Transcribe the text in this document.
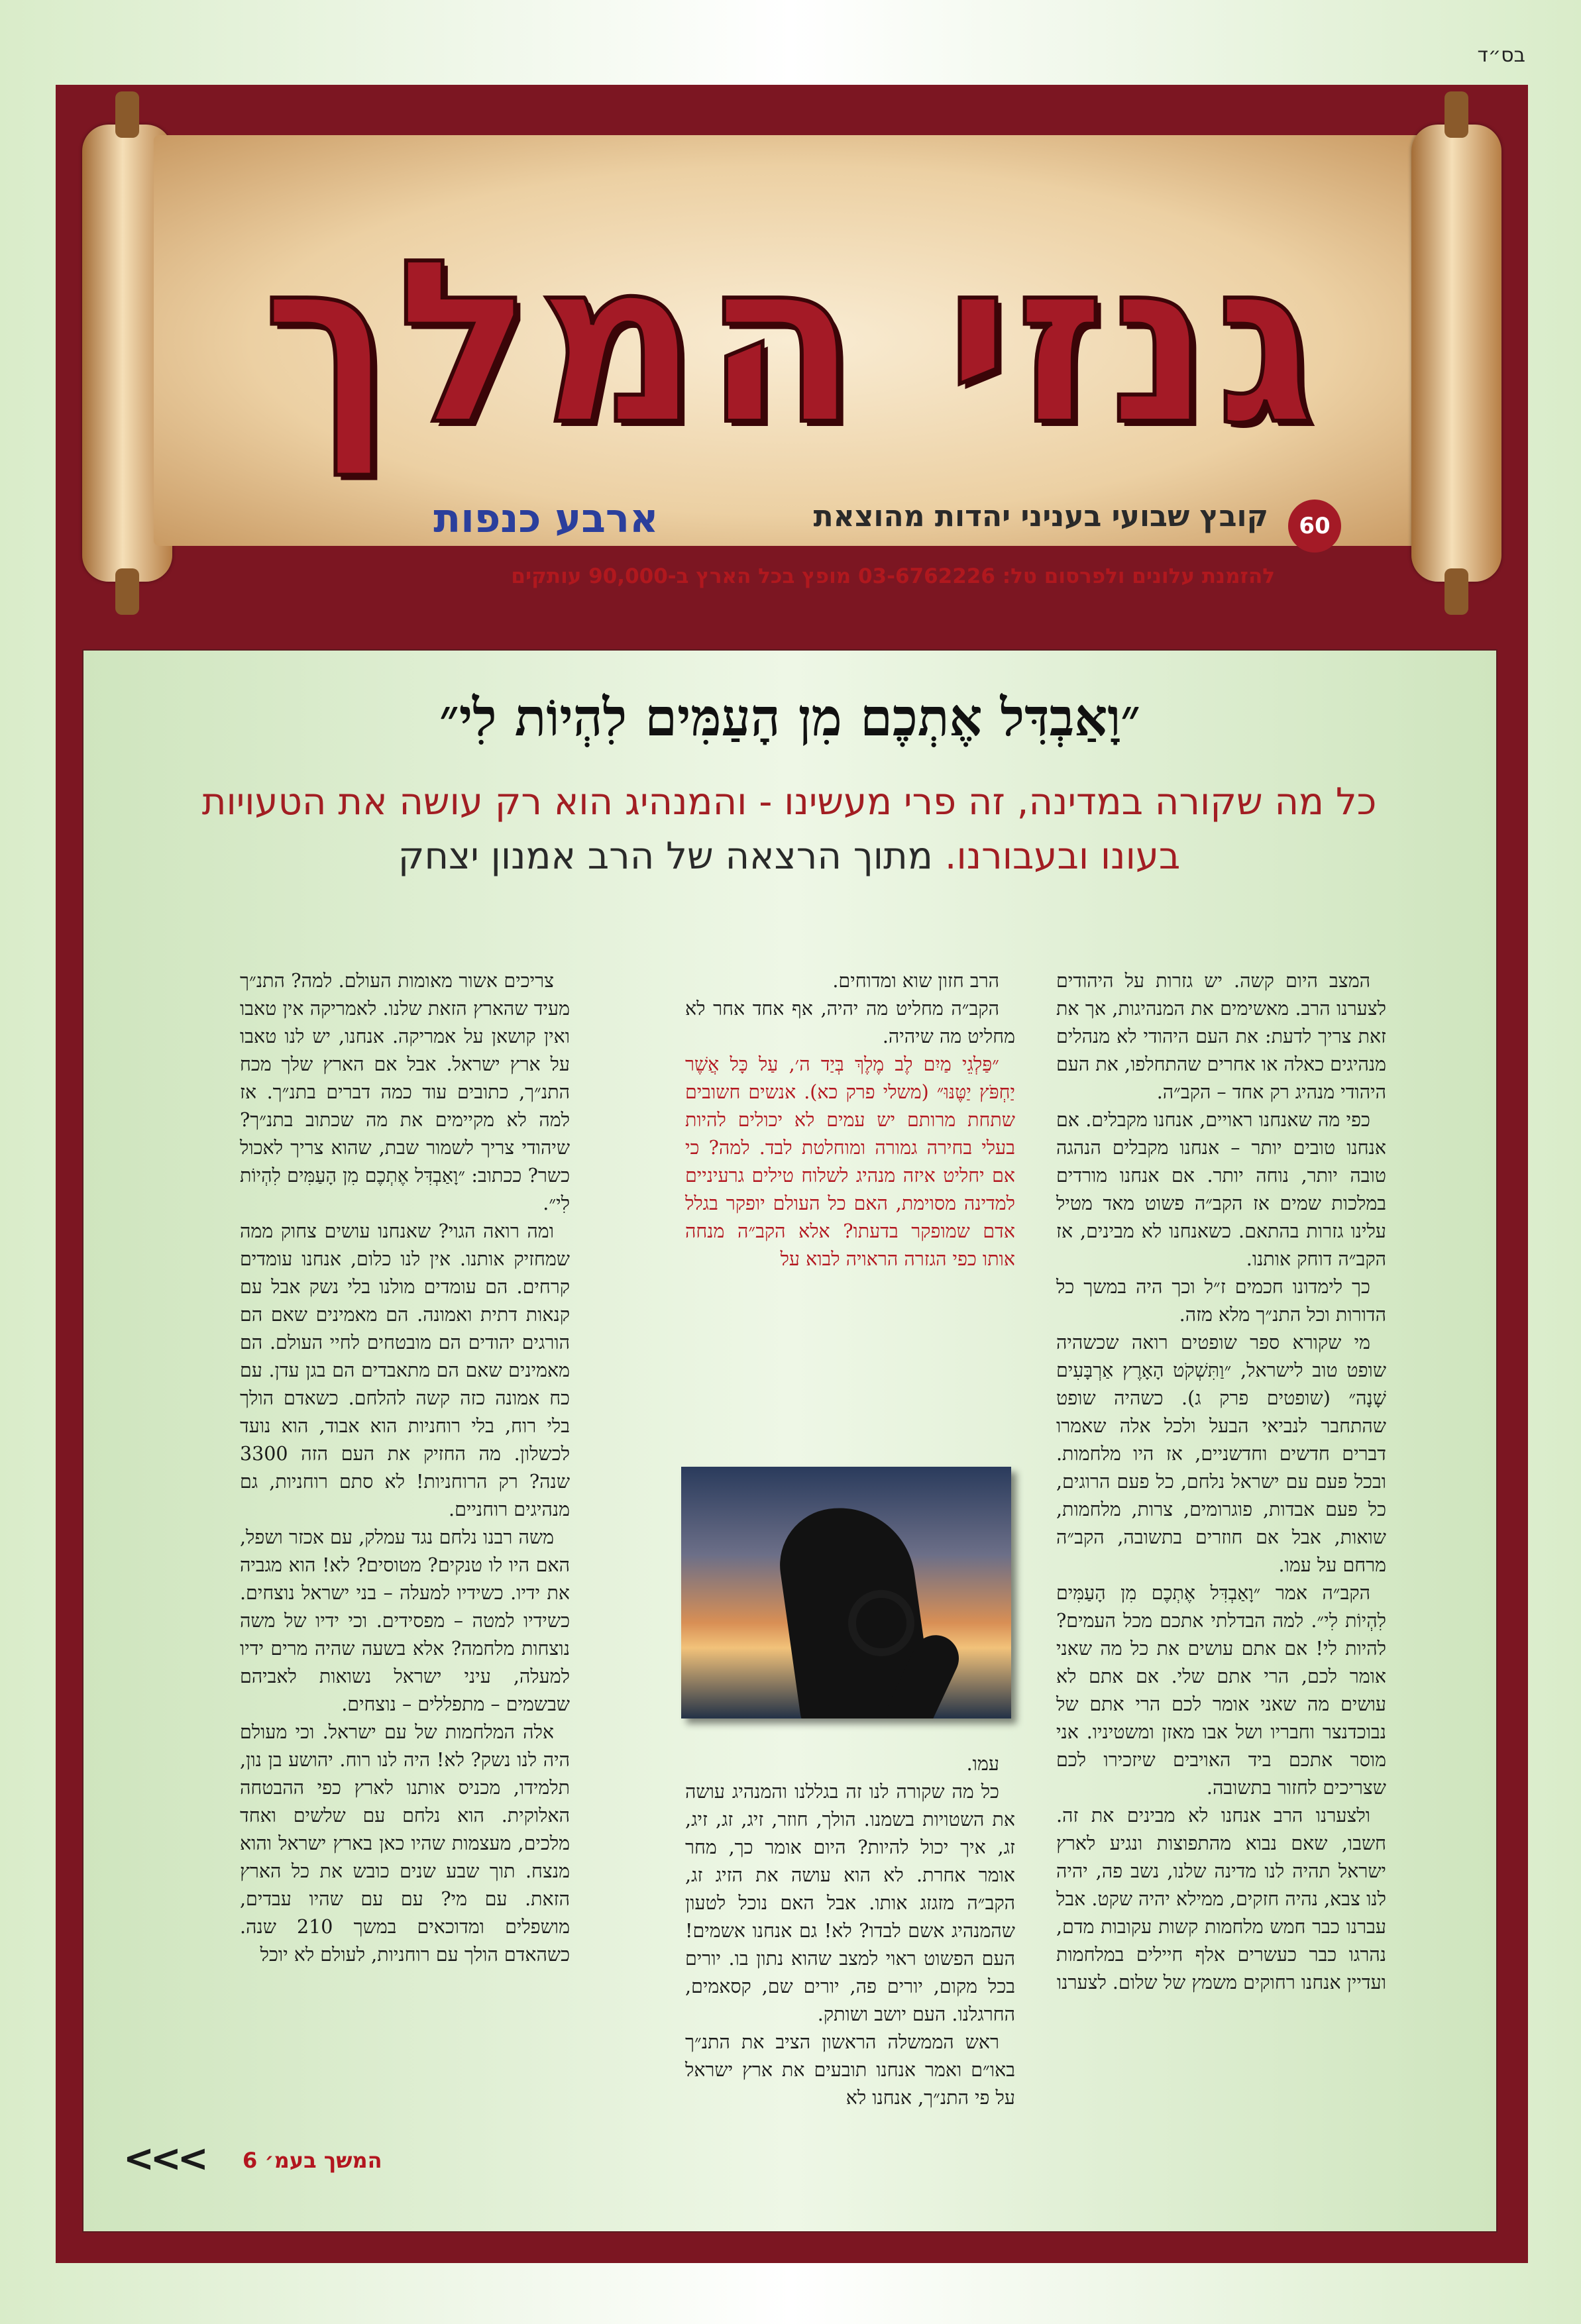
בס״ד
גנזי המלך
60
קובץ שבועי בעניני יהדות מהוצאת
ארבע כנפות
להזמנת עלונים ולפרסום טל: 03-6762226 מופץ בכל הארץ ב-90,000 עותקים
״וָאַבְדִּל אֶתְכֶם מִן הָעַמִּים לִהְיוֹת לִי״
כל מה שקורה במדינה, זה פרי מעשינו - והמנהיג הוא רק עושה את הטעויות בעונו ובעבורנו. מתוך הרצאה של הרב אמנון יצחק

המצב היום קשה. יש גזרות על היהודים לצערנו הרב. מאשימים את המנהיגות, אך את זאת צריך לדעת: את העם היהודי לא מנהלים מנהיגים כאלה או אחרים שהתחלפו, את העם היהודי מנהיג רק אחד – הקב״ה.

כפי מה שאנחנו ראויים, אנחנו מקבלים. אם אנחנו טובים יותר – אנחנו מקבלים הנהגה טובה יותר, נוחה יותר. אם אנחנו מורדים במלכות שמים אז הקב״ה פשוט מאד מטיל עלינו גזרות בהתאם. כשאנחנו לא מבינים, אז הקב״ה דוחק אותנו.

כך לימדונו חכמים ז״ל וכך היה במשך כל הדורות וכל התנ״ך מלא מזה.

מי שקורא ספר שופטים רואה שכשהיה שופט טוב לישראל, ״וַתִּשְׁקֹט הָאָרֶץ אַרְבָּעִים שָׁנָה״ (שופטים פרק ג). כשהיה שופט שהתחבר לנביאי הבעל ולכל אלה שאמרו דברים חדשים וחדשניים, אז היו מלחמות. ובכל פעם עם ישראל נלחם, כל פעם הרוגים, כל פעם אבדות, פוגרומים, צרות, מלחמות, שואות, אבל אם חוזרים בתשובה, הקב״ה מרחם על עמו.

הקב״ה אמר ״וָאַבְדִּל אֶתְכֶם מִן הָעַמִּים לִהְיוֹת לִי״. למה הבדלתי אתכם מכל העמים? להיות לי! אם אתם עושים את כל מה שאני אומר לכם, הרי אתם שלי. אם אתם לא עושים מה שאני אומר לכם הרי אתם של נבוכדנצר וחבריו ושל אבו מאזן ומשטיניו. אני מוסר אתכם ביד האויבים שיזכירו לכם שצריכים לחזור בתשובה.

ולצערנו הרב אנחנו לא מבינים את זה. חשבו, שאם נבוא מהתפוצות ונגיע לארץ ישראל תהיה לנו מדינה שלנו, נשב פה, יהיה לנו צבא, נהיה חזקים, ממילא יהיה שקט. אבל עברנו כבר חמש מלחמות קשות עקובות מדם, נהרגו כבר כעשרים אלף חיילים במלחמות ועדיין אנחנו רחוקים משמץ של שלום. לצערנו

הרב חזון שוא ומדוחים.

הקב״ה מחליט מה יהיה, אף אחד אחר לא מחליט מה שיהיה.

״פַּלְגֵי מַיִם לֶב מֶלֶךְ בְּיַד ה׳, עַל כָּל אֲשֶׁר יַחְפֹּץ יַטֶּנּוּ״ (משלי פרק כא). אנשים חשובים שתחת מרותם יש עמים לא יכולים להיות בעלי בחירה גמורה ומוחלטת לבד. למה? כי אם יחליט איזה מנהיג לשלוח טילים גרעיניים למדינה מסוימת, האם כל העולם יופקר בגלל אדם שמופקר בדעתו? אלא הקב״ה מנחה אותו כפי הגזרה הראויה לבוא על

עמו.

כל מה שקורה לנו זה בגללנו והמנהיג עושה את השטויות בשמנו. הולך, חוזר, זיג, זג, זיג, זג, איך יכול להיות? היום אומר כך, מחר אומר אחרת. לא הוא עושה את הזיג זג, הקב״ה מזגזג אותו. אבל האם נוכל לטעון שהמנהיג אשם לבדו? לא! גם אנחנו אשמים! העם הפשוט ראוי למצב שהוא נתון בו. יורים בכל מקום, יורים פה, יורים שם, קסאמים, החרגלנו. העם יושב ושותק.

ראש הממשלה הראשון הציב את התנ״ך באו״ם ואמר אנחנו תובעים את ארץ ישראל על פי התנ״ך, אנחנו לא

צריכים אשור מאומות העולם. למה? התנ״ך מעיד שהארץ הזאת שלנו. לאמריקה אין טאבו ואין קושאן על אמריקה. אנחנו, יש לנו טאבו על ארץ ישראל. אבל אם הארץ שלך מכח התנ״ך, כתובים עוד כמה דברים בתנ״ך. אז למה לא מקיימים את מה שכתוב בתנ״ך? שיהודי צריך לשמור שבת, שהוא צריך לאכול כשר? ככתוב: ״וָאַבְדִּל אֶתְכֶם מִן הָעַמִּים לִהְיוֹת לִי״.

ומה רואה הגוי? שאנחנו עושים צחוק ממה שמחזיק אותנו. אין לנו כלום, אנחנו עומדים קרחים. הם עומדים מולנו בלי נשק אבל עם קנאות דתית ואמונה. הם מאמינים שאם הם הורגים יהודים הם מובטחים לחיי העולם. הם מאמינים שאם הם מתאבדים הם בגן עדן. עם כח אמונה כזה קשה להלחם. כשאדם הולך בלי רוח, בלי רוחניות הוא אבוד, הוא נועד לכשלון. מה החזיק את העם הזה 3300 שנה? רק הרוחניות! לא סתם רוחניות, גם מנהיגים רוחניים.

משה רבנו נלחם נגד עמלק, עם אכזר ושפל, האם היו לו טנקים? מטוסים? לא! הוא מגביה את ידיו. כשידיו למעלה – בני ישראל נוצחים. כשידיו למטה – מפסידים. וכי ידיו של משה נוצחות מלחמה? אלא בשעה שהיה מרים ידיו למעלה, עיני ישראל נשואות לאביהם שבשמים – מתפללים – נוצחים.

אלה המלחמות של עם ישראל. וכי מעולם היה לנו נשק? לא! היה לנו רוח. יהושע בן נון, תלמידו, מכניס אותנו לארץ כפי ההבטחה האלוקית. הוא נלחם עם שלשים ואחד מלכים, מעצמות שהיו כאן בארץ ישראל והוא מנצח. תוך שבע שנים כובש את כל הארץ הזאת. עם מי? עם עם שהיו עבדים, מושפלים ומדוכאים במשך 210 שנה. כשהאדם הולך עם רוחניות, לעולם לא יוכל

המשך בעמ׳ 6
<<<
